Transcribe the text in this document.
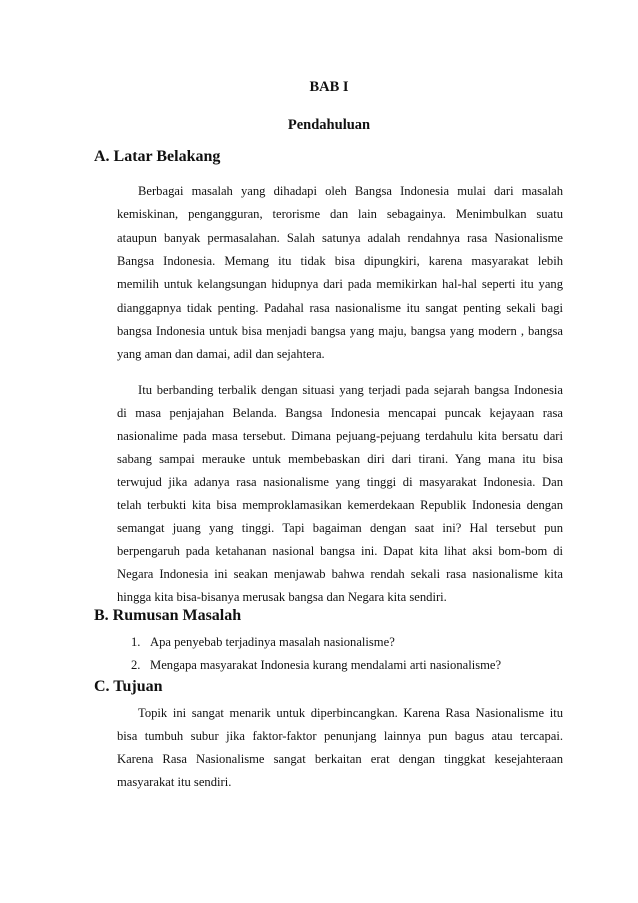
BAB I
Pendahuluan
A. Latar Belakang
Berbagai masalah yang dihadapi oleh Bangsa Indonesia mulai dari masalah
kemiskinan, pengangguran, terorisme dan lain sebagainya. Menimbulkan suatu
ataupun banyak permasalahan. Salah satunya adalah rendahnya rasa Nasionalisme
Bangsa Indonesia. Memang itu tidak bisa dipungkiri, karena masyarakat lebih
memilih untuk kelangsungan hidupnya dari pada memikirkan hal-hal seperti itu yang
dianggapnya tidak penting. Padahal rasa nasionalisme itu sangat penting sekali bagi
bangsa Indonesia untuk bisa menjadi bangsa yang maju, bangsa yang modern , bangsa
yang aman dan damai, adil dan sejahtera.
B. Rumusan Masalah
1. Apa penyebab terjadinya masalah nasionalisme?
2. Mengapa masyarakat Indonesia kurang mendalami arti nasionalisme?
C. Tujuan
Topik ini sangat menarik untuk diperbincangkan. Karena Rasa Nasionalisme itu
bisa tumbuh subur jika faktor-faktor penunjang lainnya pun bagus atau tercapai.
Karena Rasa Nasionalisme sangat berkaitan erat dengan tinggkat kesejahteraan
masyarakat itu sendiri.
Itu berbanding terbalik dengan situasi yang terjadi pada sejarah bangsa Indonesia
di masa penjajahan Belanda. Bangsa Indonesia mencapai puncak kejayaan rasa
nasionalime pada masa tersebut. Dimana pejuang-pejuang terdahulu kita bersatu dari
sabang sampai merauke untuk membebaskan diri dari tirani. Yang mana itu bisa
terwujud jika adanya rasa nasionalisme yang tinggi di masyarakat Indonesia. Dan
telah terbukti kita bisa memproklamasikan kemerdekaan Republik Indonesia dengan
semangat juang yang tinggi. Tapi bagaiman dengan saat ini? Hal tersebut pun
berpengaruh pada ketahanan nasional bangsa ini. Dapat kita lihat aksi bom-bom di
Negara Indonesia ini seakan menjawab bahwa rendah sekali rasa nasionalisme kita
hingga kita bisa-bisanya merusak bangsa dan Negara kita sendiri.
